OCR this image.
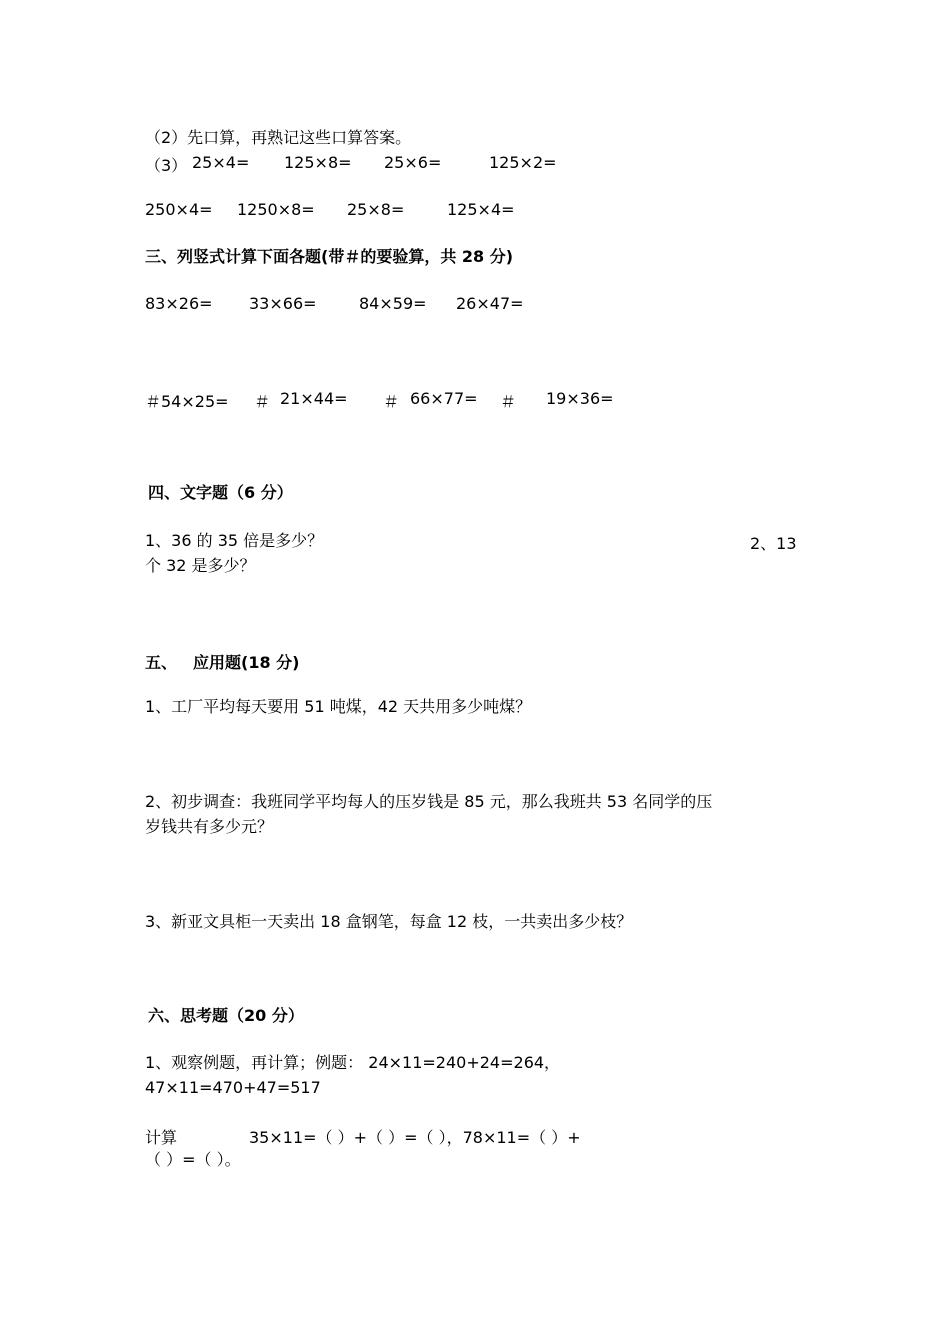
（2）先口算，再熟记这些口算答案。
（3） 25×4= 125×8= 25×6=	125×2=
250×4= 1250×8= 25×8=	125×4=
三、列竖式计算下面各题(带＃的要验算，共 28 分)
83×26= 33×66=	84×59= 26×47=
＃54×25= ＃ 21×44= ＃ 66×77= ＃ 19×36=
四、文字题（6 分）
1、36 的 35 倍是多少？	2、13
个 32 是多少？
五、 应用题(18 分)
1、工厂平均每天要用 51 吨煤，42 天共用多少吨煤？
2、初步调查：我班同学平均每人的压岁钱是 85 元，那么我班共 53 名同学的压
岁钱共有多少元？
3、新亚文具柜一天卖出 18 盒钢笔，每盒 12 枝，一共卖出多少枝？
六、思考题（20 分）
1、观察例题，再计算；例题： 24×11=240+24=264，
47×11=470+47=517
计算	35×11=（ ）+（ ）=（ ），78×11=（ ）+
（ ）=（ ）。
